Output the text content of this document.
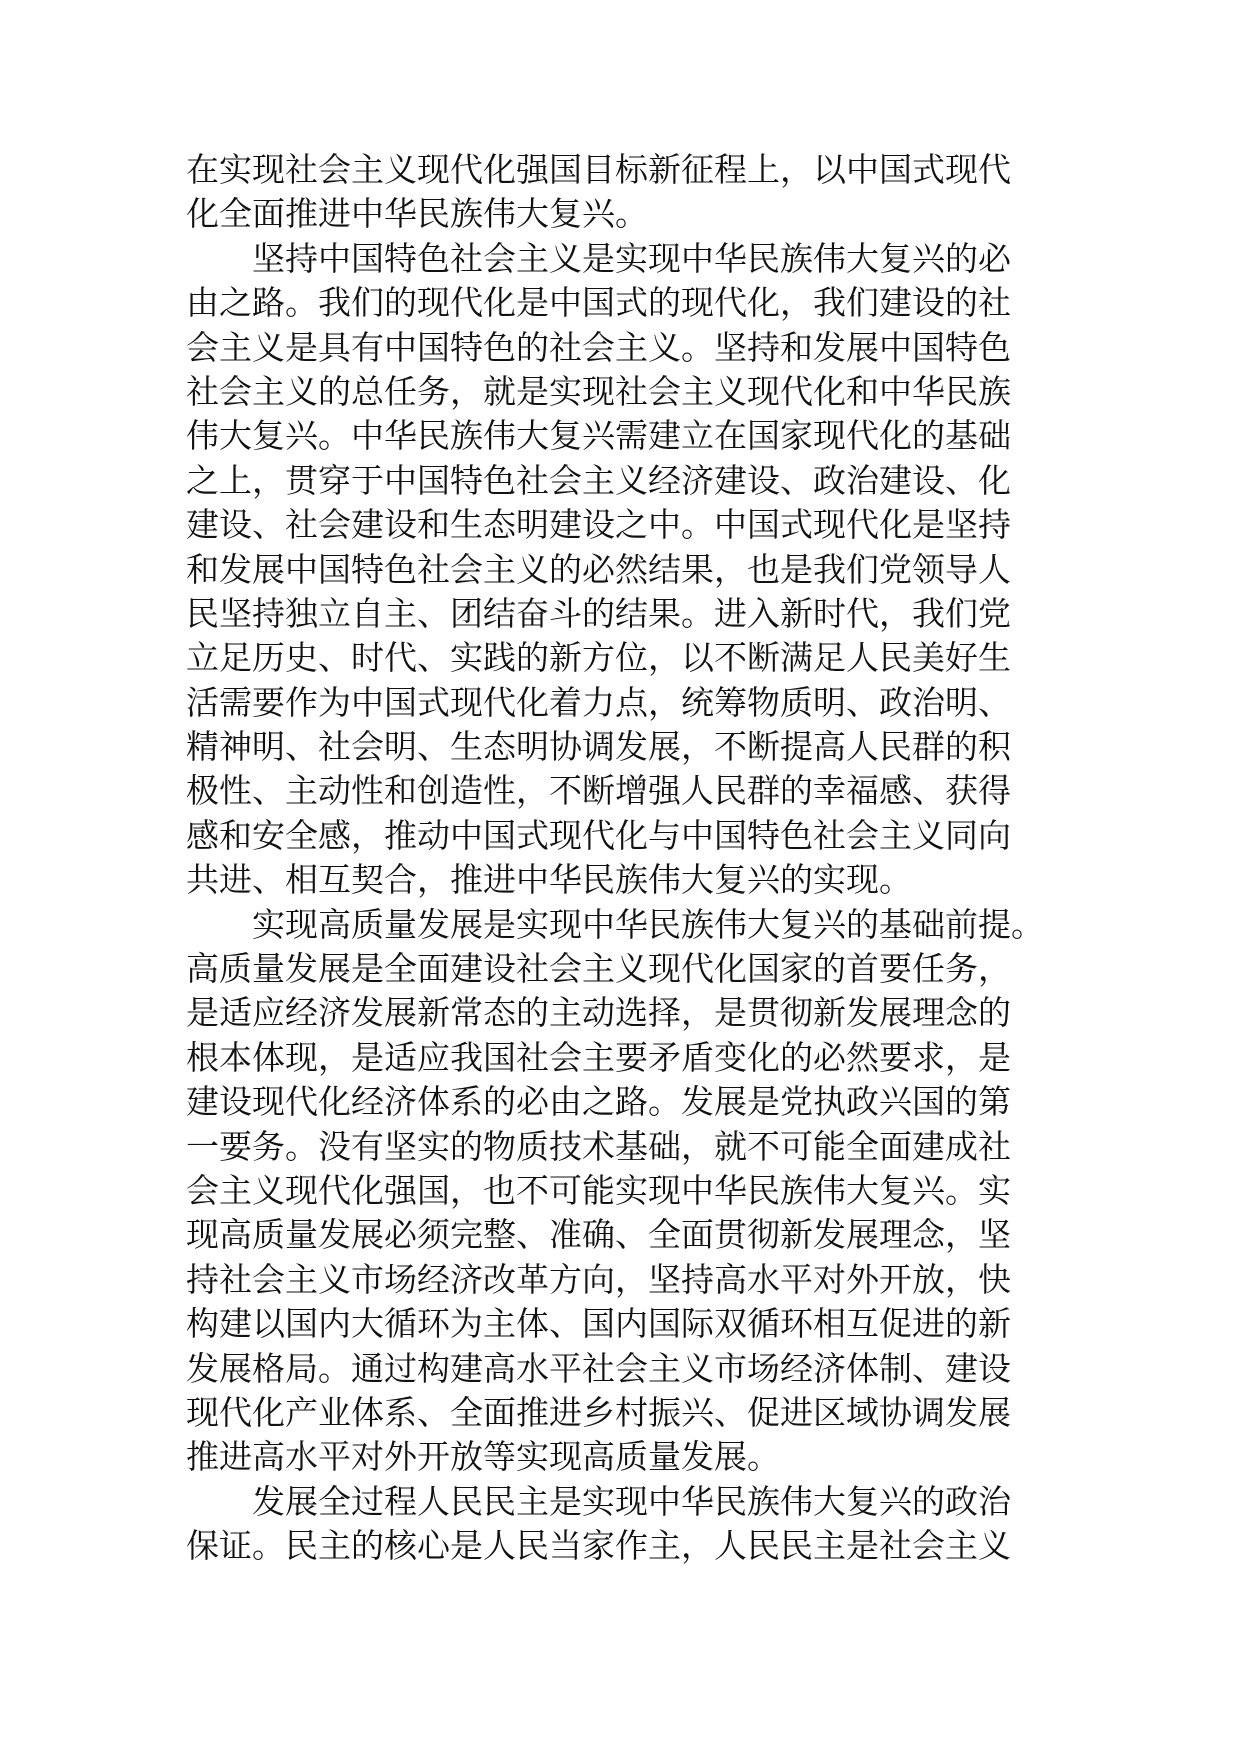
在实现社会主义现代化强国目标新征程上，以中国式现代
化全面推进中华民族伟大复兴。
坚持中国特色社会主义是实现中华民族伟大复兴的必
由之路。我们的现代化是中国式的现代化，我们建设的社
会主义是具有中国特色的社会主义。坚持和发展中国特色
社会主义的总任务，就是实现社会主义现代化和中华民族
伟大复兴。中华民族伟大复兴需建立在国家现代化的基础
之上，贯穿于中国特色社会主义经济建设、政治建设、化
建设、社会建设和生态明建设之中。中国式现代化是坚持
和发展中国特色社会主义的必然结果，也是我们党领导人
民坚持独立自主、团结奋斗的结果。进入新时代，我们党
立足历史、时代、实践的新方位，以不断满足人民美好生
活需要作为中国式现代化着力点，统筹物质明、政治明、
精神明、社会明、生态明协调发展，不断提高人民群的积
极性、主动性和创造性，不断增强人民群的幸福感、获得
感和安全感，推动中国式现代化与中国特色社会主义同向
共进、相互契合，推进中华民族伟大复兴的实现。
实现高质量发展是实现中华民族伟大复兴的基础前提。
高质量发展是全面建设社会主义现代化国家的首要任务，
是适应经济发展新常态的主动选择，是贯彻新发展理念的
根本体现，是适应我国社会主要矛盾变化的必然要求，是
建设现代化经济体系的必由之路。发展是党执政兴国的第
一要务。没有坚实的物质技术基础，就不可能全面建成社
会主义现代化强国，也不可能实现中华民族伟大复兴。实
现高质量发展必须完整、准确、全面贯彻新发展理念，坚
持社会主义市场经济改革方向，坚持高水平对外开放，快
构建以国内大循环为主体、国内国际双循环相互促进的新
发展格局。通过构建高水平社会主义市场经济体制、建设
现代化产业体系、全面推进乡村振兴、促进区域协调发展
推进高水平对外开放等实现高质量发展。
发展全过程人民民主是实现中华民族伟大复兴的政治
保证。民主的核心是人民当家作主，人民民主是社会主义
